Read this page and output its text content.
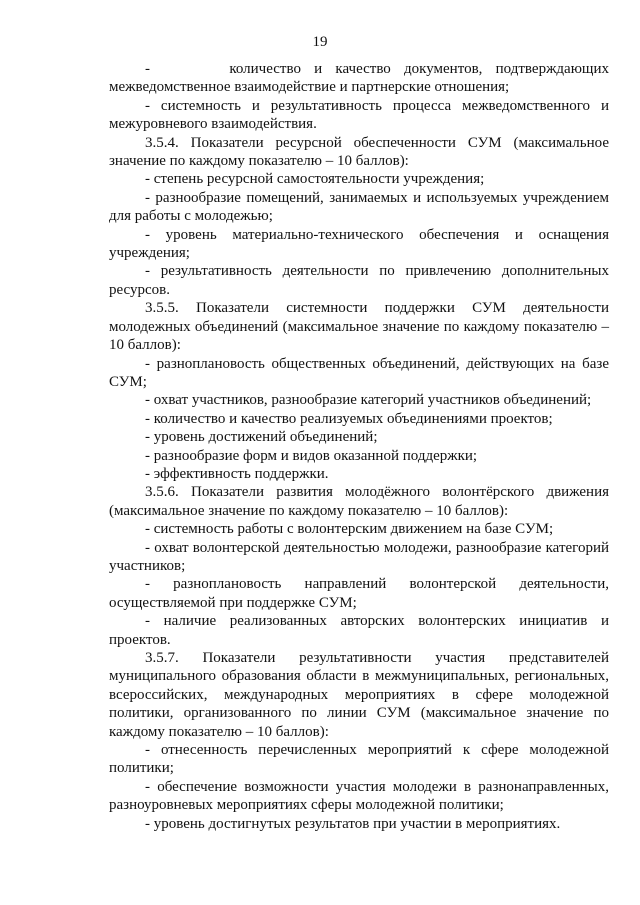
19

-      количество и качество документов, подтверждающих межведомственное взаимодействие и партнерские отношения;

- системность и результативность процесса межведомственного и межуровневого взаимодействия.

3.5.4. Показатели ресурсной обеспеченности СУМ (максимальное значение по каждому показателю – 10 баллов):

- степень ресурсной самостоятельности учреждения;

- разнообразие помещений, занимаемых и используемых учреждением для работы с молодежью;

- уровень материально-технического обеспечения и оснащения учреждения;

- результативность деятельности по привлечению дополнительных ресурсов.

3.5.5. Показатели системности поддержки СУМ деятельности молодежных объединений (максимальное значение по каждому показателю – 10 баллов):

- разноплановость общественных объединений, действующих на базе СУМ;

- охват участников, разнообразие категорий участников объединений;

- количество и качество реализуемых объединениями проектов;

- уровень достижений объединений;

- разнообразие форм и видов оказанной поддержки;

- эффективность поддержки.

3.5.6. Показатели развития молодёжного волонтёрского движения (максимальное значение по каждому показателю – 10 баллов):

- системность работы с волонтерским движением на базе СУМ;

- охват волонтерской деятельностью молодежи, разнообразие категорий участников;

- разноплановость направлений волонтерской деятельности, осуществляемой при поддержке СУМ;

- наличие реализованных авторских волонтерских инициатив и проектов.

3.5.7. Показатели результативности участия представителей муниципального образования области в межмуниципальных, региональных, всероссийских, международных мероприятиях в сфере молодежной политики, организованного по линии СУМ (максимальное значение по каждому показателю – 10 баллов):

- отнесенность перечисленных мероприятий к сфере молодежной политики;

- обеспечение возможности участия молодежи в разнонаправленных, разноуровневых мероприятиях сферы молодежной политики;

- уровень достигнутых результатов при участии в мероприятиях.
